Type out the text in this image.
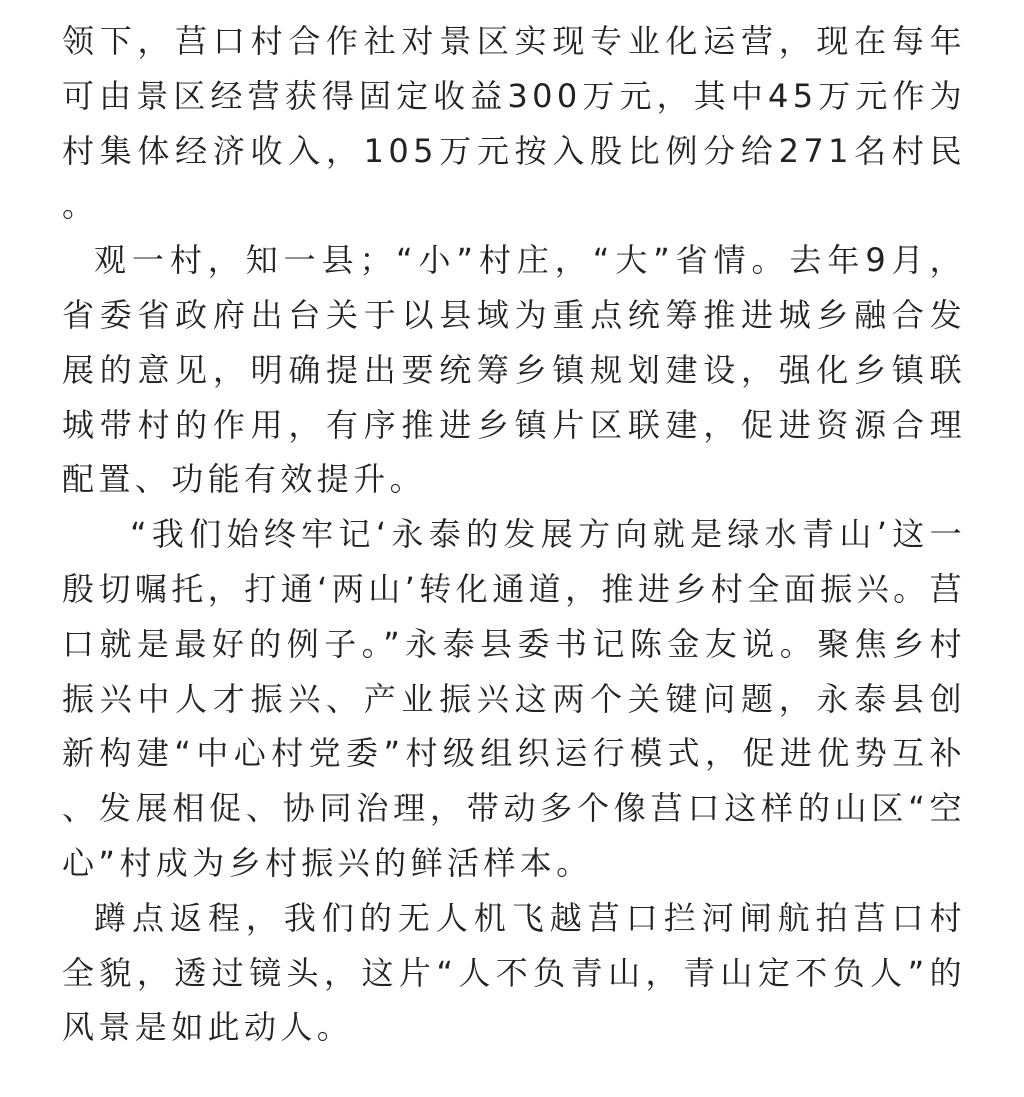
领下，莒口村合作社对景区实现专业化运营，现在每年可由景区经营获得固定收益300万元，其中45万元作为村集体经济收入，105万元按入股比例分给271名村民。

观一村，知一县；“小”村庄，“大”省情。去年9月，省委省政府出台关于以县域为重点统筹推进城乡融合发展的意见，明确提出要统筹乡镇规划建设，强化乡镇联城带村的作用，有序推进乡镇片区联建，促进资源合理配置、功能有效提升。

“我们始终牢记‘永泰的发展方向就是绿水青山’这一殷切嘱托，打通‘两山’转化通道，推进乡村全面振兴。莒口就是最好的例子。”永泰县委书记陈金友说。聚焦乡村振兴中人才振兴、产业振兴这两个关键问题，永泰县创新构建“中心村党委”村级组织运行模式，促进优势互补、发展相促、协同治理，带动多个像莒口这样的山区“空心”村成为乡村振兴的鲜活样本。

蹲点返程，我们的无人机飞越莒口拦河闸航拍莒口村全貌，透过镜头，这片“人不负青山，青山定不负人”的风景是如此动人。
